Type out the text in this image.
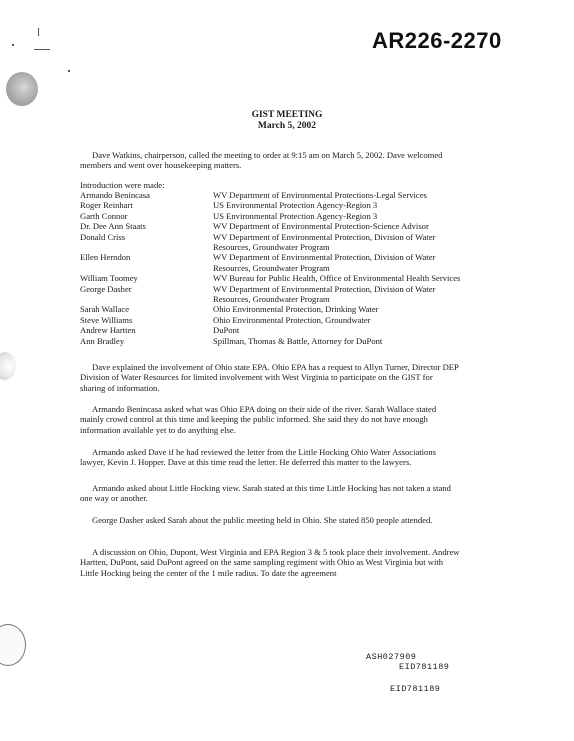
AR226-2270
GIST MEETING
March 5, 2002
Dave Watkins, chairperson, called the meeting to order at 9:15 am on March 5, 2002. Dave welcomed members and went over housekeeping matters.
Introduction were made:
Armando Benincasa	WV Department of Environmental Protections-Legal Services
Roger Reinhart	US Environmental Protection Agency-Region 3
Garth Connor	US Environmental Protection Agency-Region 3
Dr. Dee Ann Staats	WV Department of Environmental Protection-Science Advisor
Donald Criss	WV Department of Environmental Protection, Division of Water Resources, Groundwater Program
Ellen Herndon	WV Department of Environmental Protection, Division of Water Resources, Groundwater Program
William Toomey	WV Bureau for Public Health, Office of Environmental Health Services
George Dasher	WV Department of Environmental Protection, Division of Water Resources, Groundwater Program
Sarah Wallace	Ohio Environmental Protection, Drinking Water
Steve Williams	Ohio Environmental Protection, Groundwater
Andrew Hartten	DuPont
Ann Bradley	Spillman, Thomas & Battle, Attorney for DuPont
Dave explained the involvement of Ohio state EPA. Ohio EPA has a request to Allyn Turner, Director DEP Division of Water Resources for limited involvement with West Virginia to participate on the GIST for sharing of information.
Armando Benincasa asked what was Ohio EPA doing on their side of the river. Sarah Wallace stated mainly crowd control at this time and keeping the public informed. She said they do not have enough information available yet to do anything else.
Armando asked Dave if he had reviewed the letter from the Little Hocking Ohio Water Associations lawyer, Kevin J. Hopper. Dave at this time read the letter. He deferred this matter to the lawyers.
Armando asked about Little Hocking view. Sarah stated at this time Little Hocking has not taken a stand one way or another.
George Dasher asked Sarah about the public meeting held in Ohio. She stated 850 people attended.
A discussion on Ohio, Dupont, West Virginia and EPA Region 3 & 5 took place their involvement. Andrew Hartten, DuPont, said DuPont agreed on the same sampling regiment with Ohio as West Virginia but with Little Hocking being the center of the 1 mile radius. To date the agreement
ASH027909
EID781189
EID781189
